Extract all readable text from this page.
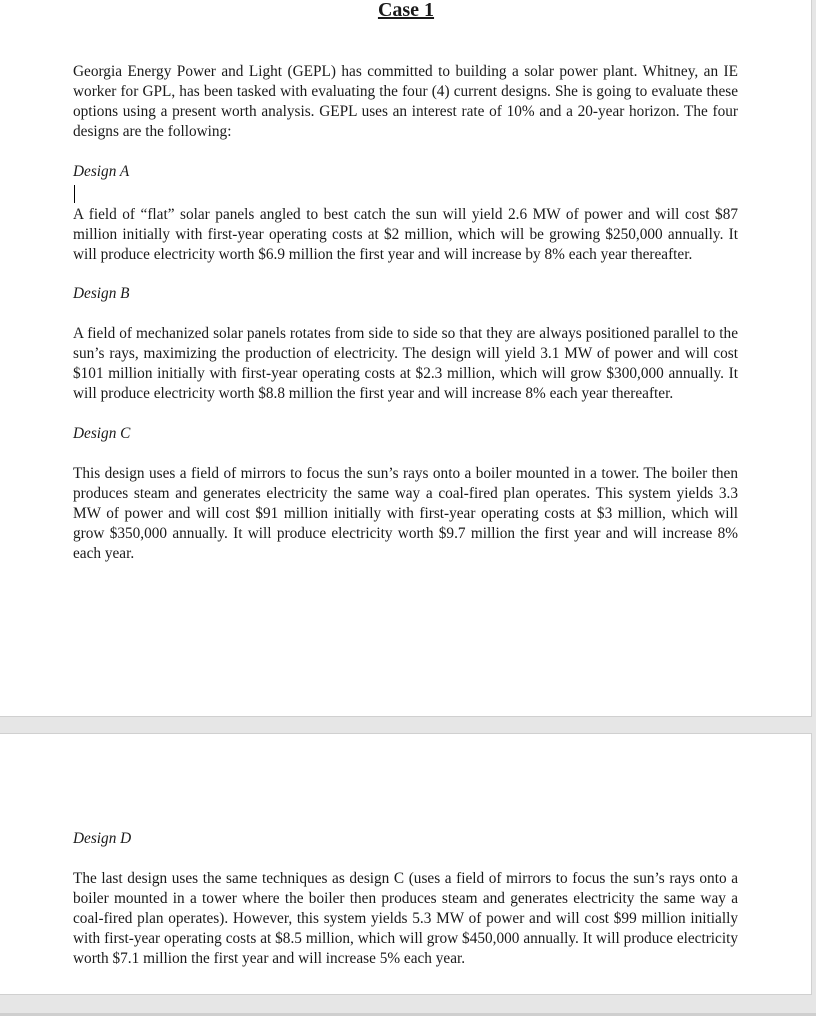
Case 1

Georgia Energy Power and Light (GEPL) has committed to building a solar power plant. Whitney, an IE worker for GPL, has been tasked with evaluating the four (4) current designs. She is going to evaluate these options using a present worth analysis. GEPL uses an interest rate of 10% and a 20-year horizon. The four designs are the following:

Design A

A field of “flat” solar panels angled to best catch the sun will yield 2.6 MW of power and will cost $87 million initially with first-year operating costs at $2 million, which will be growing $250,000 annually. It will produce electricity worth $6.9 million the first year and will increase by 8% each year thereafter.

Design B

A field of mechanized solar panels rotates from side to side so that they are always positioned parallel to the sun’s rays, maximizing the production of electricity. The design will yield 3.1 MW of power and will cost $101 million initially with first-year operating costs at $2.3 million, which will grow $300,000 annually. It will produce electricity worth $8.8 million the first year and will increase 8% each year thereafter.

Design C

This design uses a field of mirrors to focus the sun’s rays onto a boiler mounted in a tower. The boiler then produces steam and generates electricity the same way a coal-fired plan operates. This system yields 3.3 MW of power and will cost $91 million initially with first-year operating costs at $3 million, which will grow $350,000 annually. It will produce electricity worth $9.7 million the first year and will increase 8% each year.

Design D

The last design uses the same techniques as design C (uses a field of mirrors to focus the sun’s rays onto a boiler mounted in a tower where the boiler then produces steam and generates electricity the same way a coal-fired plan operates). However, this system yields 5.3 MW of power and will cost $99 million initially with first-year operating costs at $8.5 million, which will grow $450,000 annually. It will produce electricity worth $7.1 million the first year and will increase 5% each year.
